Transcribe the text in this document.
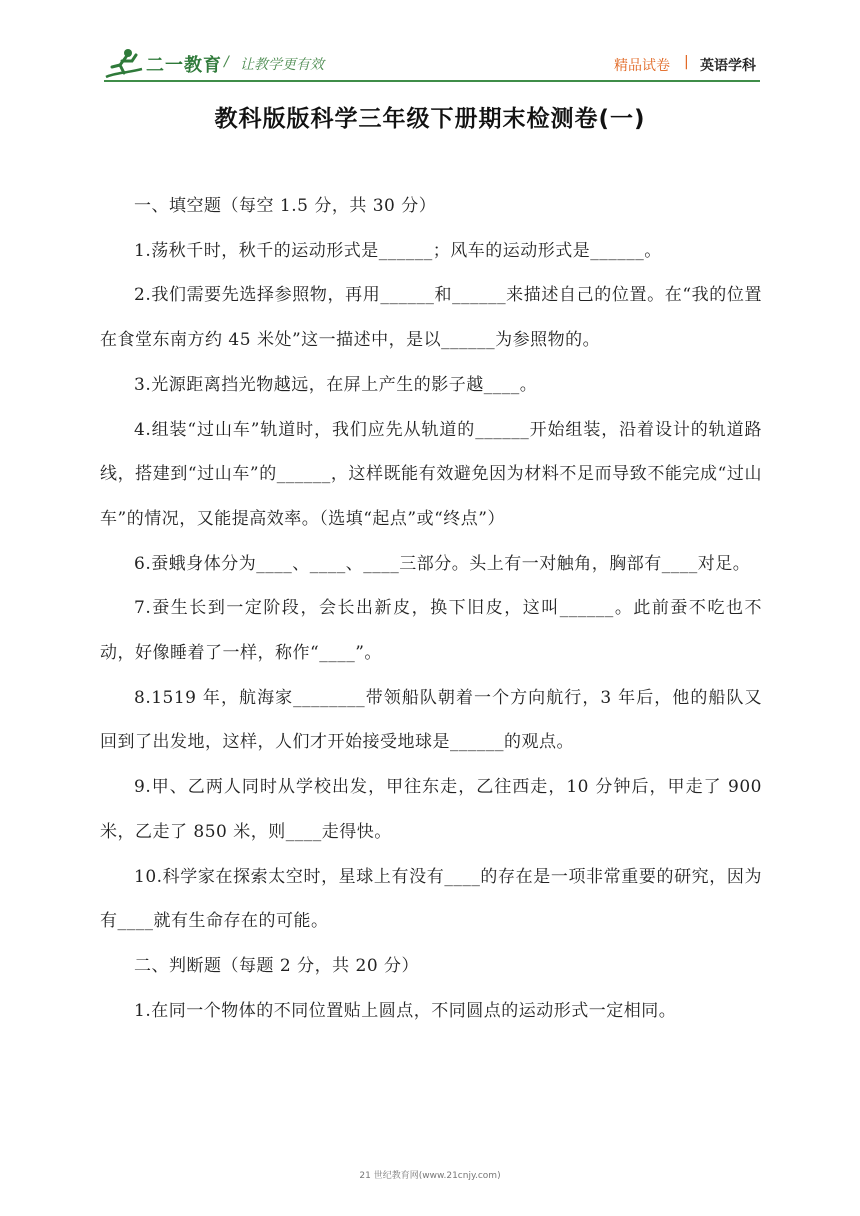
二一教育 / 让教学更有效	精品试卷 | 英语学科
教科版版科学三年级下册期末检测卷(一)

一、填空题（每空 1.5 分，共 30 分）

1.荡秋千时，秋千的运动形式是______；风车的运动形式是______。

2.我们需要先选择参照物，再用______和______来描述自己的位置。在“我的位置在食堂东南方约 45 米处”这一描述中，是以______为参照物的。

3.光源距离挡光物越远，在屏上产生的影子越____。

4.组装“过山车”轨道时，我们应先从轨道的______开始组装，沿着设计的轨道路线，搭建到“过山车”的______，这样既能有效避免因为材料不足而导致不能完成“过山车”的情况，又能提高效率。（选填“起点”或“终点”）

6.蚕蛾身体分为____、____、____三部分。头上有一对触角，胸部有____对足。

7.蚕生长到一定阶段，会长出新皮，换下旧皮，这叫______。此前蚕不吃也不动，好像睡着了一样，称作“____”。

8.1519 年，航海家________带领船队朝着一个方向航行，3 年后，他的船队又回到了出发地，这样，人们才开始接受地球是______的观点。

9.甲、乙两人同时从学校出发，甲往东走，乙往西走，10 分钟后，甲走了 900 米，乙走了 850 米，则____走得快。

10.科学家在探索太空时，星球上有没有____的存在是一项非常重要的研究，因为有____就有生命存在的可能。

二、判断题（每题 2 分，共 20 分）

1.在同一个物体的不同位置贴上圆点，不同圆点的运动形式一定相同。

21 世纪教育网(www.21cnjy.com)
